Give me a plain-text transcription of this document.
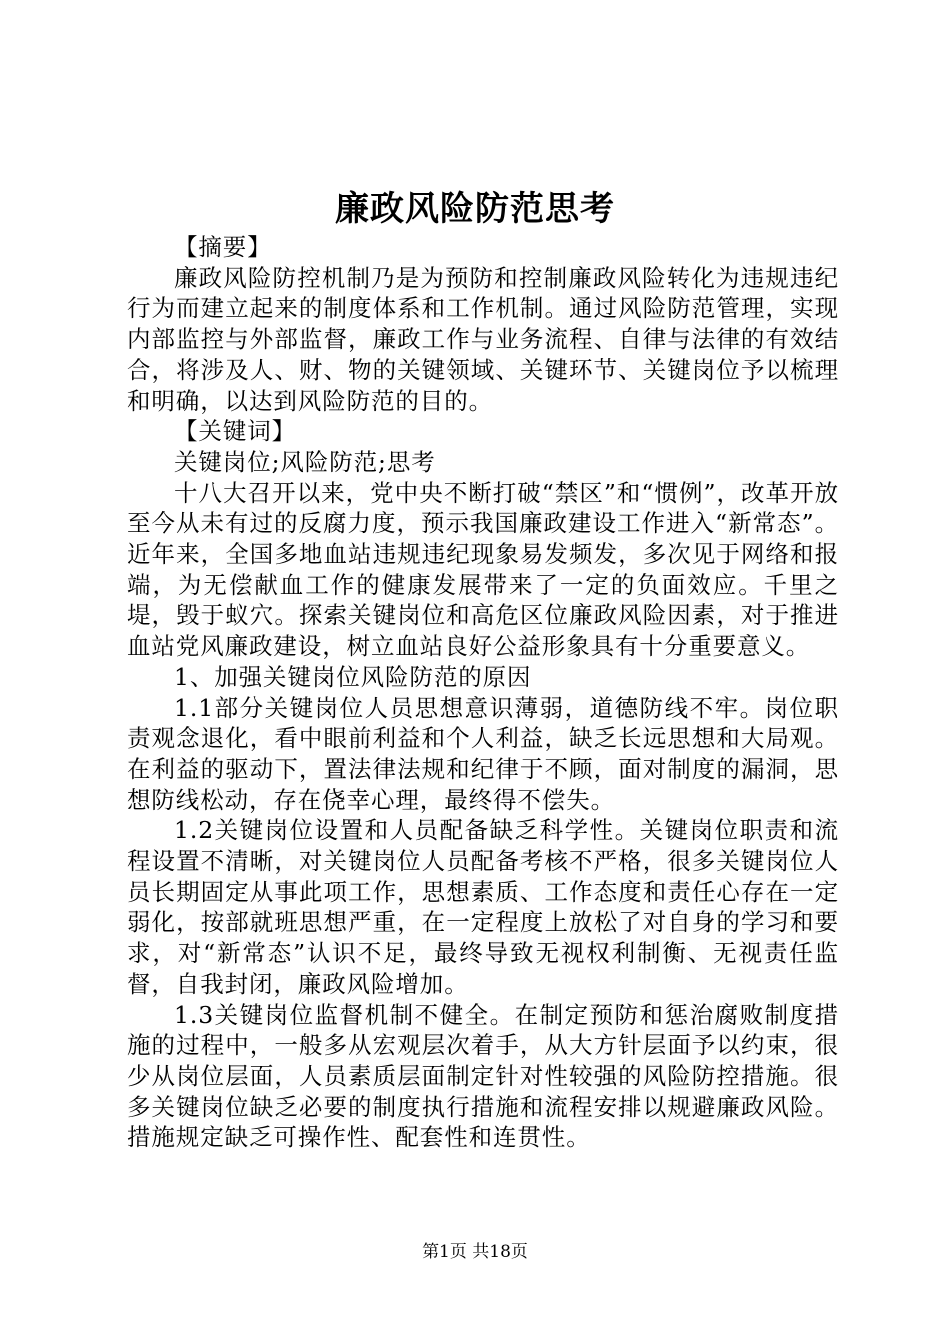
廉政风险防范思考

【摘要】

廉政风险防控机制乃是为预防和控制廉政风险转化为违规违纪行为而建立起来的制度体系和工作机制。通过风险防范管理，实现内部监控与外部监督，廉政工作与业务流程、自律与法律的有效结合，将涉及人、财、物的关键领域、关键环节、关键岗位予以梳理和明确，以达到风险防范的目的。

【关键词】

关键岗位;风险防范;思考

十八大召开以来，党中央不断打破“禁区”和“惯例”，改革开放至今从未有过的反腐力度，预示我国廉政建设工作进入“新常态”。近年来，全国多地血站违规违纪现象易发频发，多次见于网络和报端，为无偿献血工作的健康发展带来了一定的负面效应。千里之堤，毁于蚁穴。探索关键岗位和高危区位廉政风险因素，对于推进血站党风廉政建设，树立血站良好公益形象具有十分重要意义。

1、加强关键岗位风险防范的原因

1.1部分关键岗位人员思想意识薄弱，道德防线不牢。岗位职责观念退化，看中眼前利益和个人利益，缺乏长远思想和大局观。在利益的驱动下，置法律法规和纪律于不顾，面对制度的漏洞，思想防线松动，存在侥幸心理，最终得不偿失。

1.2关键岗位设置和人员配备缺乏科学性。关键岗位职责和流程设置不清晰，对关键岗位人员配备考核不严格，很多关键岗位人员长期固定从事此项工作，思想素质、工作态度和责任心存在一定弱化，按部就班思想严重，在一定程度上放松了对自身的学习和要求，对“新常态”认识不足，最终导致无视权利制衡、无视责任监督，自我封闭，廉政风险增加。

1.3关键岗位监督机制不健全。在制定预防和惩治腐败制度措施的过程中，一般多从宏观层次着手，从大方针层面予以约束，很少从岗位层面，人员素质层面制定针对性较强的风险防控措施。很多关键岗位缺乏必要的制度执行措施和流程安排以规避廉政风险。措施规定缺乏可操作性、配套性和连贯性。

第1页 共18页
